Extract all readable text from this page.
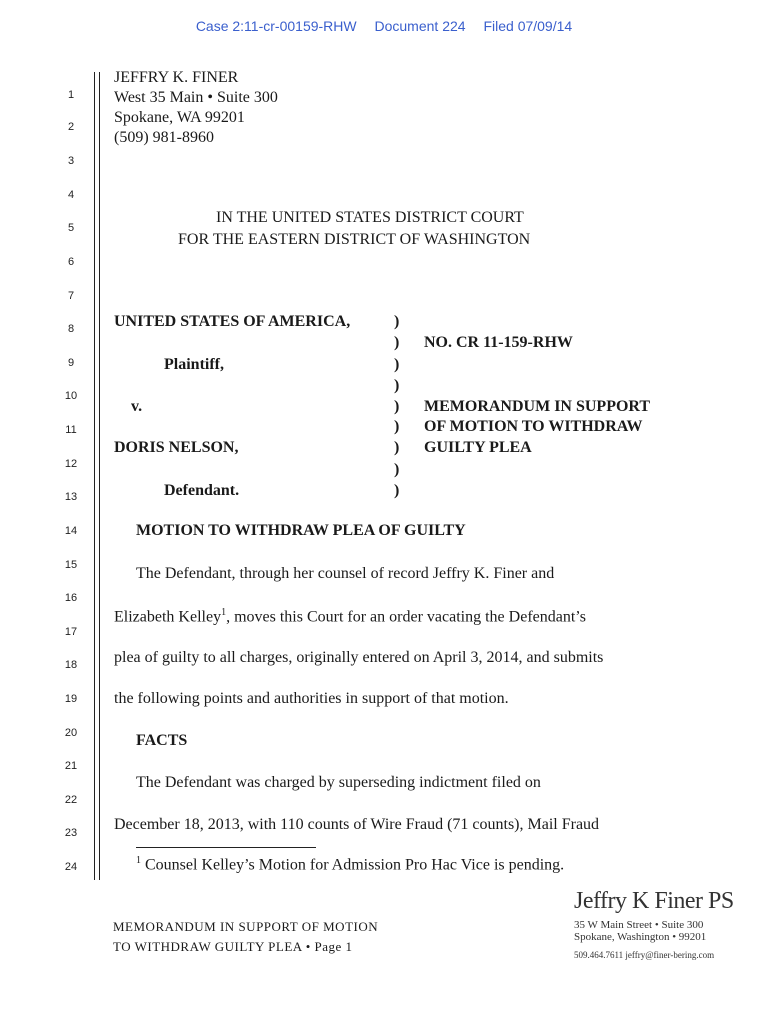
Case 2:11-cr-00159-RHW Document 224 Filed 07/09/14
1
2
3
4
5
6
7
8
9
10
11
12
13
14
15
16
17
18
19
20
21
22
23
24
JEFFRY K. FINER
West 35 Main • Suite 300
Spokane, WA 99201
(509) 981-8960
IN THE UNITED STATES DISTRICT COURT
FOR THE EASTERN DISTRICT OF WASHINGTON
UNITED STATES OF AMERICA,
Plaintiff,
v.
DORIS NELSON,
Defendant.
)
)
)
)
)
)
)
)
)
NO. CR 11-159-RHW
MEMORANDUM IN SUPPORT
OF MOTION TO WITHDRAW
GUILTY PLEA
MOTION TO WITHDRAW PLEA OF GUILTY
The Defendant, through her counsel of record Jeffry K. Finer and
Elizabeth Kelley$^1$, moves this Court for an order vacating the Defendant’s
plea of guilty to all charges, originally entered on April 3, 2014, and submits
the following points and authorities in support of that motion.
FACTS
The Defendant was charged by superseding indictment filed on
December 18, 2013, with 110 counts of Wire Fraud (71 counts), Mail Fraud
$^1$ Counsel Kelley’s Motion for Admission Pro Hac Vice is pending.
MEMORANDUM IN SUPPORT OF MOTION
TO WITHDRAW GUILTY PLEA • Page 1
Jeffry K Finer PS
35 W Main Street • Suite 300
Spokane, Washington • 99201
509.464.7611 jeffry@finer-bering.com
